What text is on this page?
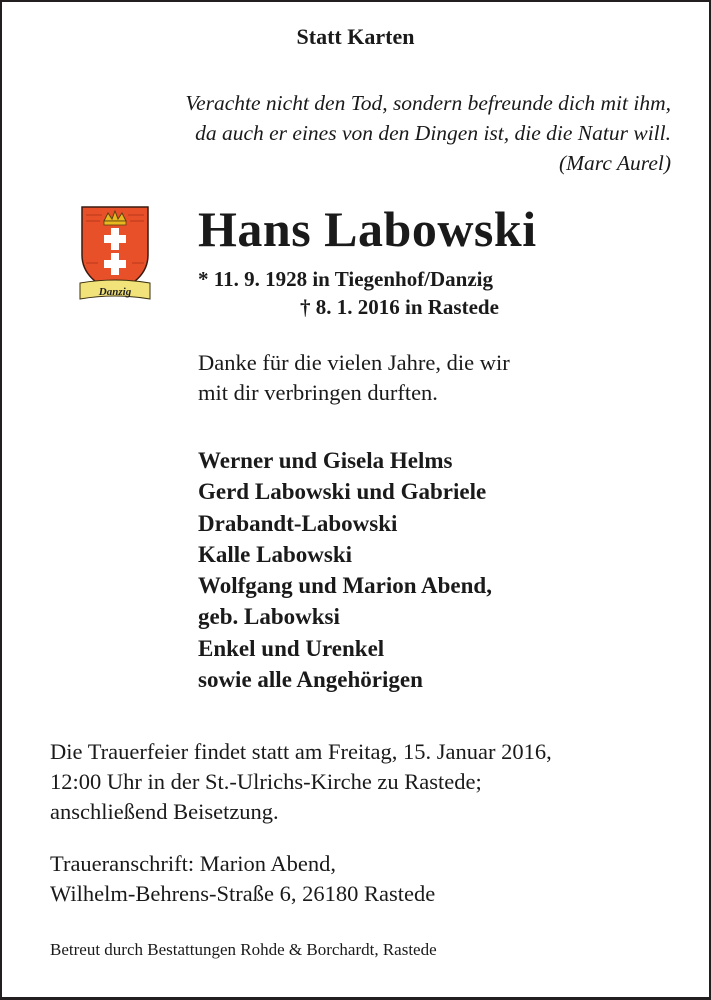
Statt Karten
Verachte nicht den Tod, sondern befreunde dich mit ihm,
da auch er eines von den Dingen ist, die die Natur will.
(Marc Aurel)
Danzig
Hans Labowski
* 11. 9. 1928 in Tiegenhof/Danzig
† 8. 1. 2016 in Rastede
Danke für die vielen Jahre, die wir
mit dir verbringen durften.
Werner und Gisela Helms
Gerd Labowski und Gabriele
Drabandt-Labowski
Kalle Labowski
Wolfgang und Marion Abend,
geb. Labowksi
Enkel und Urenkel
sowie alle Angehörigen
Die Trauerfeier findet statt am Freitag, 15. Januar 2016,
12:00 Uhr in der St.-Ulrichs-Kirche zu Rastede;
anschließend Beisetzung.
Traueranschrift: Marion Abend,
Wilhelm-Behrens-Straße 6, 26180 Rastede
Betreut durch Bestattungen Rohde & Borchardt, Rastede
